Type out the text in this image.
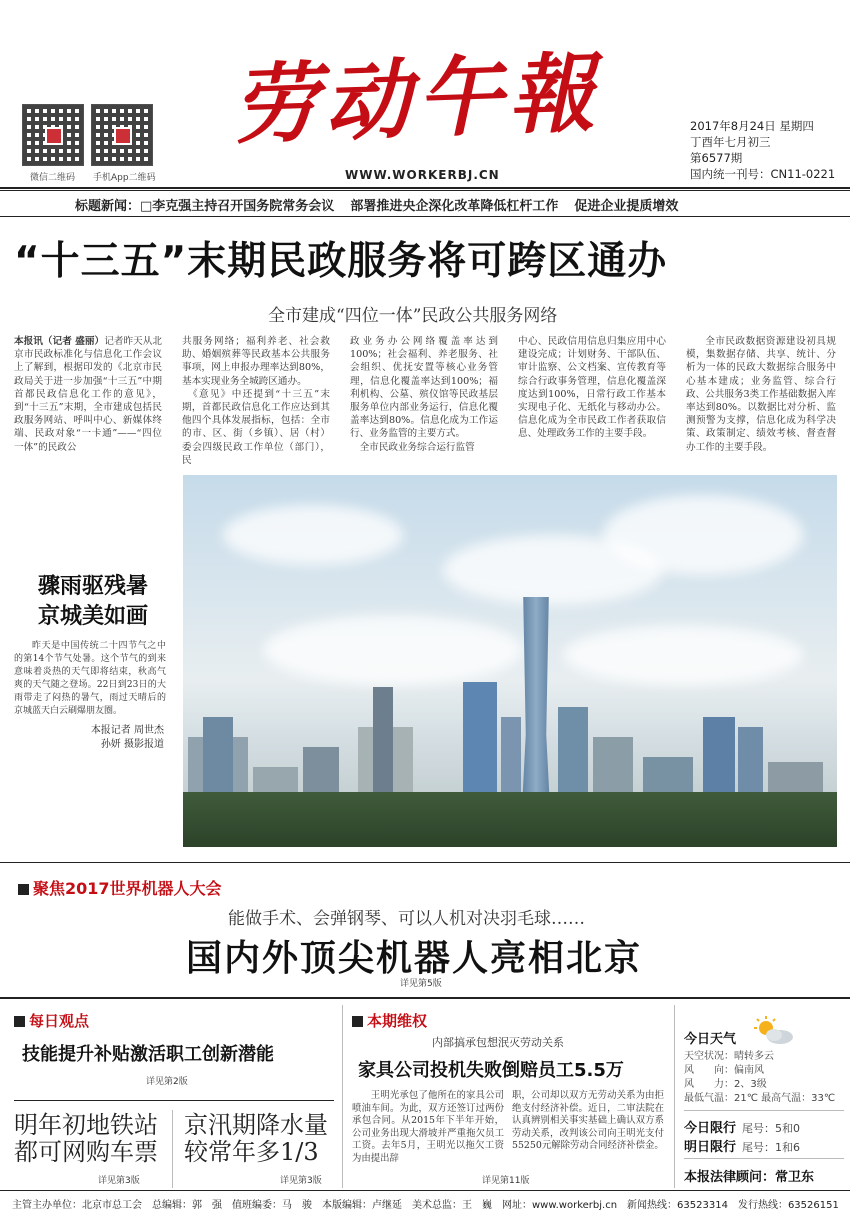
微信二维码 手机App二维码
劳动午報
WWW.WORKERBJ.CN
2017年8月24日 星期四
丁酉年七月初三
第6577期
国内统一刊号：CN11-0221
标题新闻：□李克强主持召开国务院常务会议 部署推进央企深化改革降低杠杆工作 促进企业提质增效
“十三五”末期民政服务将可跨区通办
全市建成“四位一体”民政公共服务网络
本报讯（记者 盛丽）记者昨天从北京市民政标准化与信息化工作会议上了解到，根据印发的《北京市民政局关于进一步加强“十三五”中期首都民政信息化工作的意见》，到“十三五”末期，全市建成包括民政服务网站、呼叫中心、新媒体终端、民政对象“一卡通”——“四位一体”的民政公
共服务网络；福利养老、社会救助、婚姻殡葬等民政基本公共服务事项，网上申报办理率达到80%，基本实现业务全城跨区通办。
　《意见》中还提到“十三五”末期，首都民政信息化工作应达到其他四个具体发展指标，包括：全市的市、区、街（乡镇）、居（村）委会四级民政工作单位（部门），民
政业务办公网络覆盖率达到100%；社会福利、养老服务、社会组织、优抚安置等核心业务管理，信息化覆盖率达到100%；福利机构、公墓、殡仪馆等民政基层服务单位内部业务运行，信息化覆盖率达到80%。信息化成为工作运行、业务监管的主要方式。
　全市民政业务综合运行监管
中心、民政信用信息归集应用中心建设完成；计划财务、干部队伍、审计监察、公文档案、宣传教育等综合行政事务管理，信息化覆盖深度达到100%，日常行政工作基本实现电子化、无纸化与移动办公。信息化成为全市民政工作者获取信息、处理政务工作的主要手段。
全市民政数据资源建设初具规模，集数据存储、共享、统计、分析为一体的民政大数据综合服务中心基本建成；业务监管、综合行政、公共服务3类工作基础数据入库率达到80%。以数据比对分析、监测预警为支撑，信息化成为科学决策、政策制定、绩效考核、督查督办工作的主要手段。
骤雨驱残暑
京城美如画
昨天是中国传统二十四节气之中的第14个节气处暑。这个节气的到来意味着炎热的天气即将结束，秋高气爽的天气随之登场。22日到23日的大雨带走了闷热的暑气，雨过天晴后的京城蓝天白云刷爆朋友圈。
本报记者 周世杰
孙妍 摄影报道
聚焦2017世界机器人大会
能做手术、会弹钢琴、可以人机对决羽毛球……
国内外顶尖机器人亮相北京
详见第5版
每日观点
技能提升补贴激活职工创新潜能
详见第2版
明年初地铁站
都可网购车票
详见第3版
京汛期降水量
较常年多1/3
详见第3版
本期维权
内部搞承包想泯灭劳动关系
家具公司投机失败倒赔员工5.5万
王明光承包了他所在的家具公司喷油车间。为此，双方还签订过两份承包合同。从2015年下半年开始，公司业务出现大滑坡并严重拖欠员工工资。去年5月，王明光以拖欠工资为由提出辞
职，公司却以双方无劳动关系为由拒绝支付经济补偿。近日，二审法院在认真辨别相关事实基础上确认双方系劳动关系，改判该公司向王明光支付55250元解除劳动合同经济补偿金。
详见第11版
今日天气
天空状况：晴转多云
风　　向：偏南风
风　　力：2、3级
最低气温：21℃ 最高气温：33℃
今日限行 尾号：5和0
明日限行 尾号：1和6
本报法律顾问：常卫东
主管主办单位：北京市总工会　总编辑：郭　强　值班编委：马　骏　本版编辑：卢继延　美术总监：王　巍　网址：www.workerbj.cn　新闻热线：63523314　发行热线：63526151
